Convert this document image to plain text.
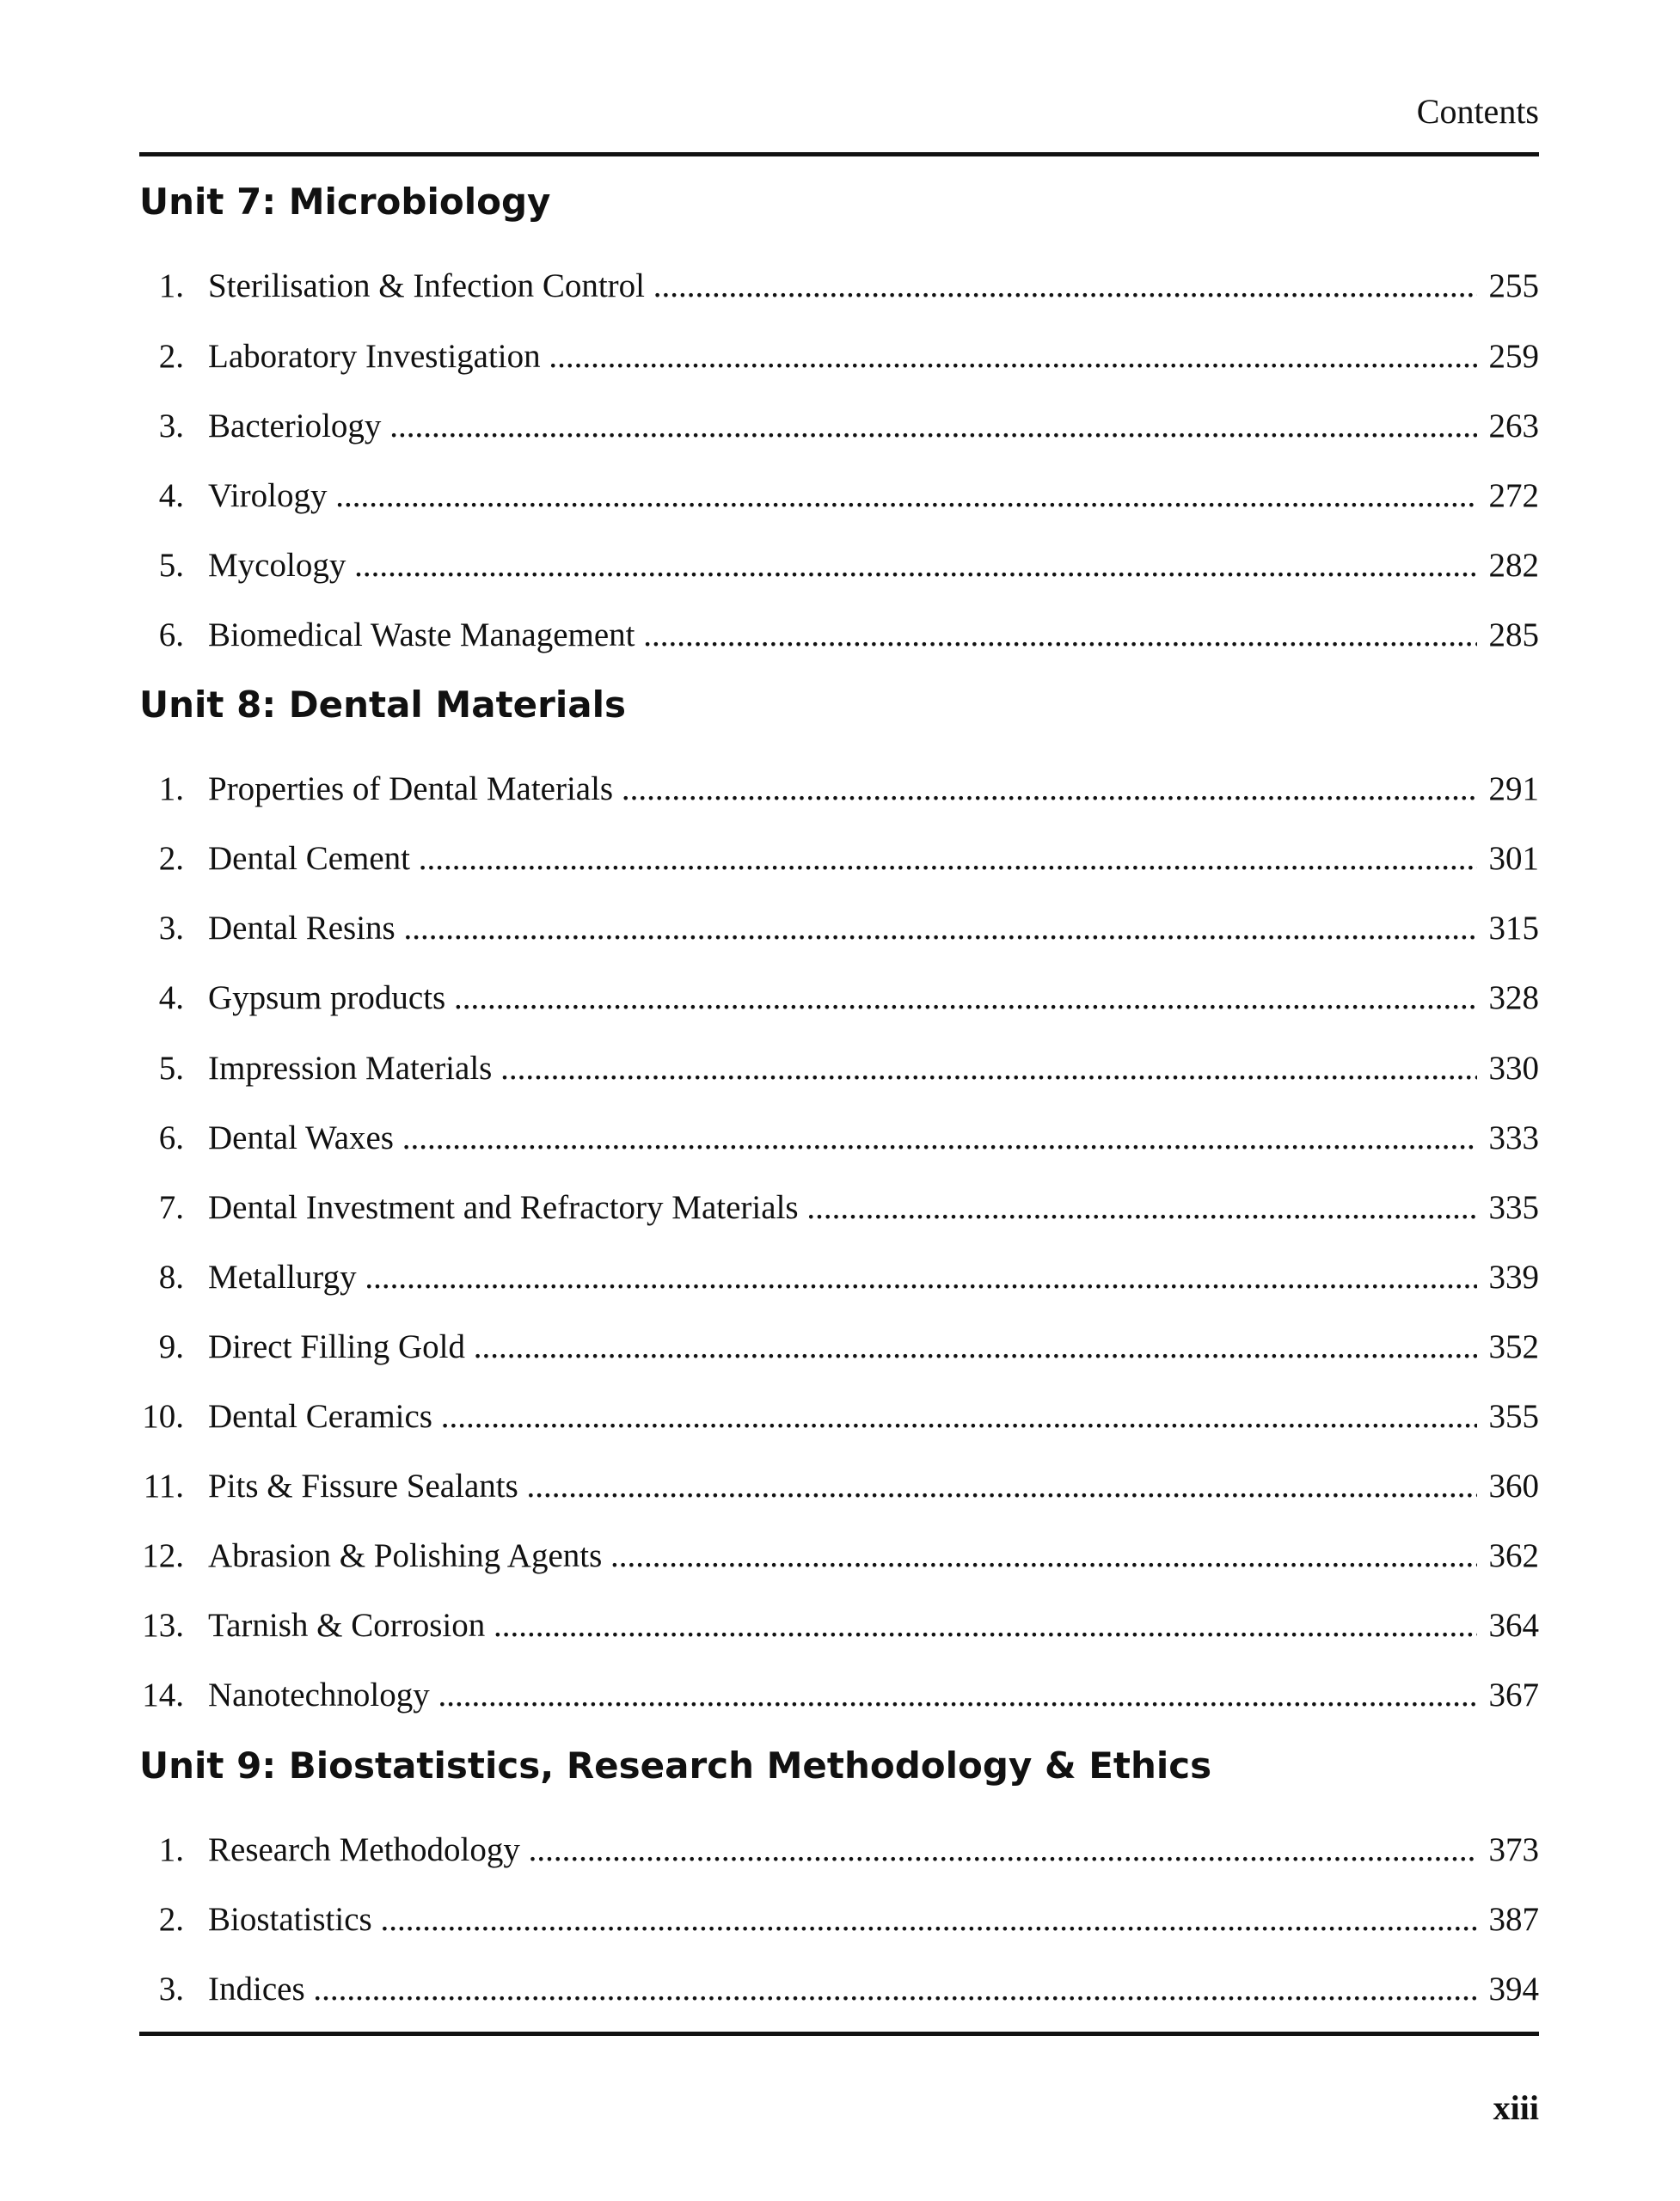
Contents
Unit 7: Microbiology
1. Sterilisation & Infection Control .....	255
2. Laboratory Investigation .....	259
3. Bacteriology .....	263
4. Virology .....	272
5. Mycology .....	282
6. Biomedical Waste Management .....	285
Unit 8: Dental Materials
1. Properties of Dental Materials .....	291
2. Dental Cement .....	301
3. Dental Resins .....	315
4. Gypsum products .....	328
5. Impression Materials .....	330
6. Dental Waxes .....	333
7. Dental Investment and Refractory Materials .....	335
8. Metallurgy .....	339
9. Direct Filling Gold .....	352
10. Dental Ceramics .....	355
11. Pits & Fissure Sealants .....	360
12. Abrasion & Polishing Agents .....	362
13. Tarnish & Corrosion .....	364
14. Nanotechnology .....	367
Unit 9: Biostatistics, Research Methodology & Ethics
1. Research Methodology .....	373
2. Biostatistics .....	387
3. Indices .....	394
xiii
